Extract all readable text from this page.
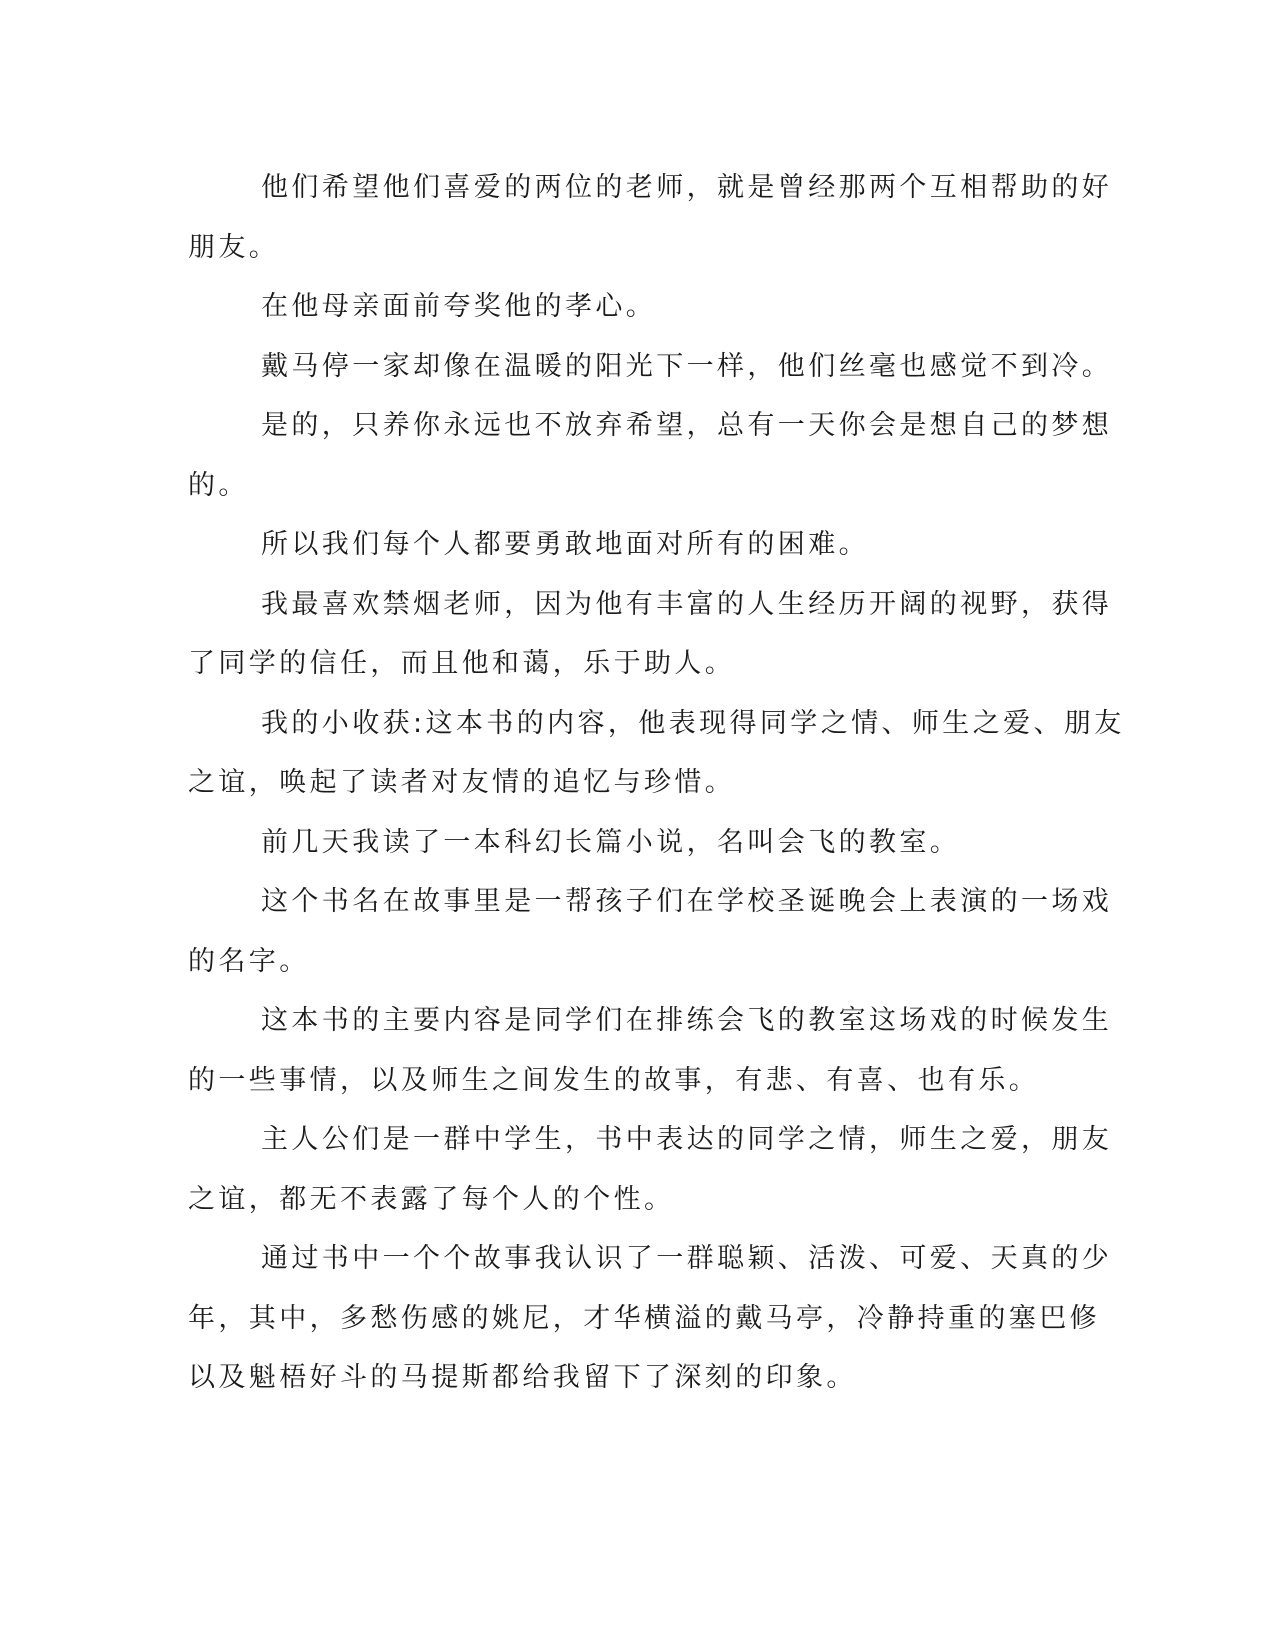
他们希望他们喜爱的两位的老师，就是曾经那两个互相帮助的好
朋友。

在他母亲面前夸奖他的孝心。

戴马停一家却像在温暖的阳光下一样，他们丝毫也感觉不到冷。

是的，只养你永远也不放弃希望，总有一天你会是想自己的梦想
的。

所以我们每个人都要勇敢地面对所有的困难。

我最喜欢禁烟老师，因为他有丰富的人生经历开阔的视野，获得
了同学的信任，而且他和蔼，乐于助人。

我的小收获:这本书的内容，他表现得同学之情、师生之爱、朋友
之谊，唤起了读者对友情的追忆与珍惜。

前几天我读了一本科幻长篇小说，名叫会飞的教室。

这个书名在故事里是一帮孩子们在学校圣诞晚会上表演的一场戏
的名字。

这本书的主要内容是同学们在排练会飞的教室这场戏的时候发生
的一些事情，以及师生之间发生的故事，有悲、有喜、也有乐。

主人公们是一群中学生，书中表达的同学之情，师生之爱，朋友
之谊，都无不表露了每个人的个性。

通过书中一个个故事我认识了一群聪颖、活泼、可爱、天真的少
年，其中，多愁伤感的姚尼，才华横溢的戴马亭，冷静持重的塞巴修
以及魁梧好斗的马提斯都给我留下了深刻的印象。
